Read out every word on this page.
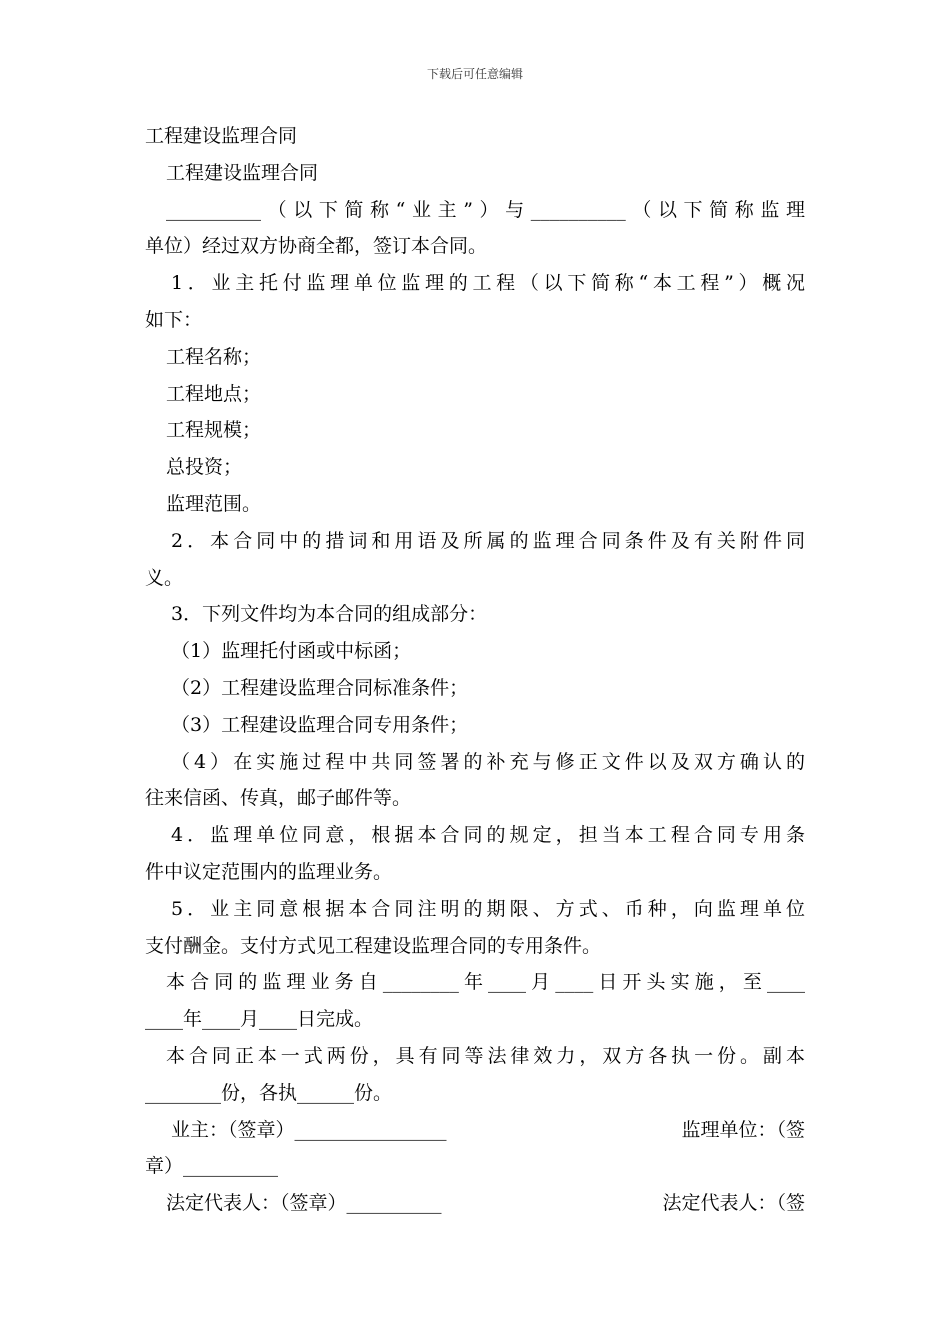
下载后可任意编辑
工程建设监理合同
工程建设监理合同
__________（以下简称“业主”）与__________（以下简称监理
单位）经过双方协商全都，签订本合同。
1．业主托付监理单位监理的工程（以下简称“本工程”）概况
如下：
工程名称；
工程地点；
工程规模；
总投资；
监理范围。
2．本合同中的措词和用语及所属的监理合同条件及有关附件同
义。
3．下列文件均为本合同的组成部分：
（1）监理托付函或中标函；
（2）工程建设监理合同标准条件；
（3）工程建设监理合同专用条件；
（4）在实施过程中共同签署的补充与修正文件以及双方确认的
往来信函、传真，邮子邮件等。
4．监理单位同意，根据本合同的规定，担当本工程合同专用条
件中议定范围内的监理业务。
5．业主同意根据本合同注明的期限、方式、币种，向监理单位
支付酬金。支付方式见工程建设监理合同的专用条件。
本合同的监理业务自________年____月____日开头实施，至____
____年____月____日完成。
本合同正本一式两份，具有同等法律效力，双方各执一份。副本
________份，各执______份。
业主：（签章）________________	监理单位：（签
章）__________
法定代表人：（签章）__________	法定代表人：（签
